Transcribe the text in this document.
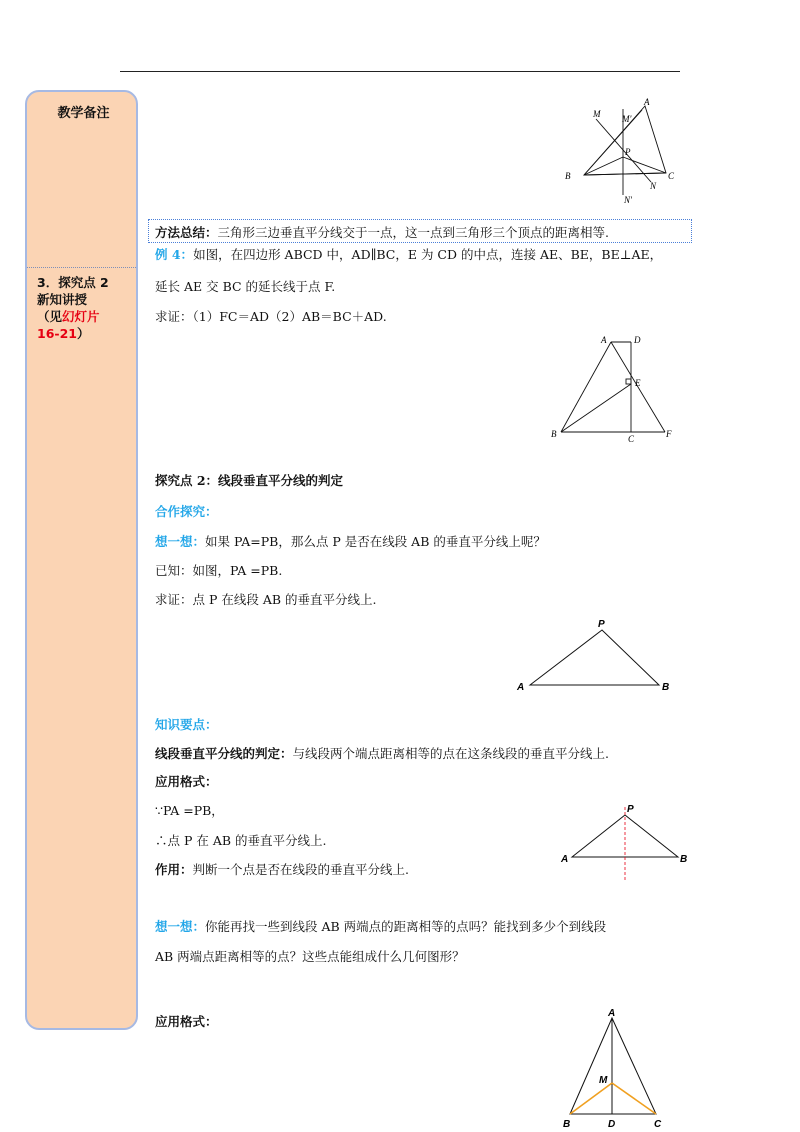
教学备注
3．探究点 2
新知讲授
（见幻灯片
16-21）
A
M M'
P
B	C
N
N'
方法总结：三角形三边垂直平分线交于一点，这一点到三角形三个顶点的距离相等.
例 4：如图，在四边形 ABCD 中，AD∥BC，E 为 CD 的中点，连接 AE、BE，BE⊥AE，
延长 AE 交 BC 的延长线于点 F.
求证：（1）FC＝AD（2）AB＝BC＋AD.
A	D
E
B	C	F
探究点 2：线段垂直平分线的判定
合作探究：
想一想：如果 PA=PB，那么点 P 是否在线段 AB 的垂直平分线上呢？
已知：如图，PA =PB.
求证：点 P 在线段 AB 的垂直平分线上.
P
A	B
知识要点：
线段垂直平分线的判定：与线段两个端点距离相等的点在这条线段的垂直平分线上.
应用格式：
∵PA =PB，
∴点 P 在 AB 的垂直平分线上.
作用：判断一个点是否在线段的垂直平分线上.
P
A	B
想一想：你能再找一些到线段 AB 两端点的距离相等的点吗？能找到多少个到线段
AB 两端点距离相等的点？这些点能组成什么几何图形？
应用格式：
A
M
B	D	C
